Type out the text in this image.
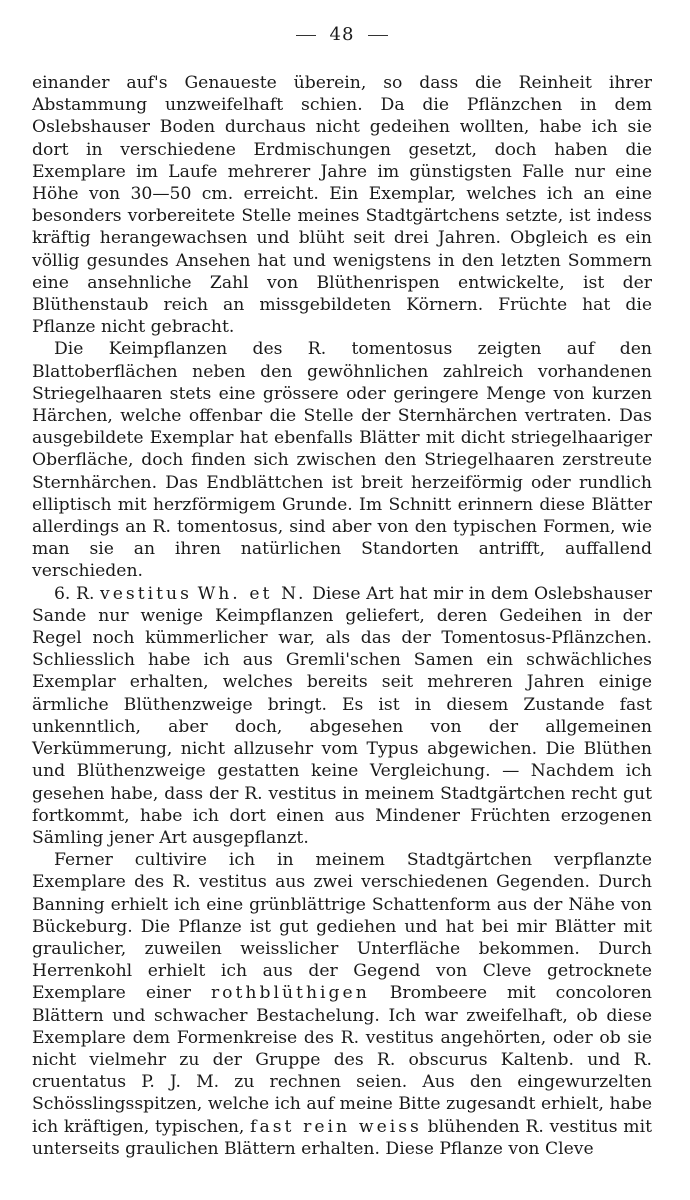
48

einander auf's Genaueste überein, so dass die Reinheit ihrer Abstammung unzweifelhaft schien. Da die Pflänzchen in dem Oslebshauser Boden durchaus nicht gedeihen wollten, habe ich sie dort in verschiedene Erdmischungen gesetzt, doch haben die Exemplare im Laufe mehrerer Jahre im günstigsten Falle nur eine Höhe von 30—50 cm. erreicht. Ein Exemplar, welches ich an eine besonders vorbereitete Stelle meines Stadtgärtchens setzte, ist indess kräftig herangewachsen und blüht seit drei Jahren. Obgleich es ein völlig gesundes Ansehen hat und wenigstens in den letzten Sommern eine ansehnliche Zahl von Blüthenrispen entwickelte, ist der Blüthenstaub reich an missgebildeten Körnern. Früchte hat die Pflanze nicht gebracht.

Die Keimpflanzen des R. tomentosus zeigten auf den Blattoberflächen neben den gewöhnlichen zahlreich vorhandenen Striegelhaaren stets eine grössere oder geringere Menge von kurzen Härchen, welche offenbar die Stelle der Sternhärchen vertraten. Das ausgebildete Exemplar hat ebenfalls Blätter mit dicht striegelhaariger Oberfläche, doch finden sich zwischen den Striegelhaaren zerstreute Sternhärchen. Das Endblättchen ist breit herzeiförmig oder rundlich elliptisch mit herzförmigem Grunde. Im Schnitt erinnern diese Blätter allerdings an R. tomentosus, sind aber von den typischen Formen, wie man sie an ihren natürlichen Standorten antrifft, auffallend verschieden.

6. R. vestitus Wh. et N. Diese Art hat mir in dem Oslebshauser Sande nur wenige Keimpflanzen geliefert, deren Gedeihen in der Regel noch kümmerlicher war, als das der Tomentosus-Pflänzchen. Schliesslich habe ich aus Gremli'schen Samen ein schwächliches Exemplar erhalten, welches bereits seit mehreren Jahren einige ärmliche Blüthenzweige bringt. Es ist in diesem Zustande fast unkenntlich, aber doch, abgesehen von der allgemeinen Verkümmerung, nicht allzusehr vom Typus abgewichen. Die Blüthen und Blüthenzweige gestatten keine Vergleichung. — Nachdem ich gesehen habe, dass der R. vestitus in meinem Stadtgärtchen recht gut fortkommt, habe ich dort einen aus Mindener Früchten erzogenen Sämling jener Art ausgepflanzt.

Ferner cultivire ich in meinem Stadtgärtchen verpflanzte Exemplare des R. vestitus aus zwei verschiedenen Gegenden. Durch Banning erhielt ich eine grünblättrige Schattenform aus der Nähe von Bückeburg. Die Pflanze ist gut gediehen und hat bei mir Blätter mit graulicher, zuweilen weisslicher Unterfläche bekommen. Durch Herrenkohl erhielt ich aus der Gegend von Cleve getrocknete Exemplare einer rothblüthigen Brombeere mit concoloren Blättern und schwacher Bestachelung. Ich war zweifelhaft, ob diese Exemplare dem Formenkreise des R. vestitus angehörten, oder ob sie nicht vielmehr zu der Gruppe des R. obscurus Kaltenb. und R. cruentatus P. J. M. zu rechnen seien. Aus den eingewurzelten Schösslingsspitzen, welche ich auf meine Bitte zugesandt erhielt, habe ich kräftigen, typischen, fast rein weiss blühenden R. vestitus mit unterseits graulichen Blättern erhalten. Diese Pflanze von Cleve
